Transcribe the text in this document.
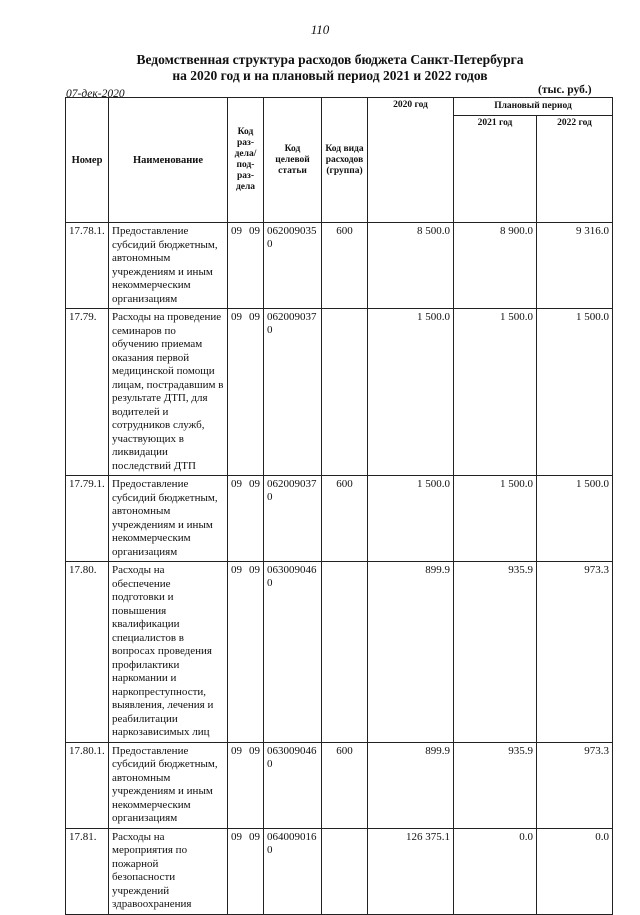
110
Ведомственная структура расходов бюджета Санкт-Петербурга
на 2020 год и на плановый период 2021 и 2022 годов
07-дек-2020	(тыс. руб.)
Номер	Наименование	Код раз- дела/ под- раз- дела	Код целевой статьи	Код вида расходов (группа)	2020 год	Плановый период	
						2021 год	2022 год
17.78.1.	Предоставление субсидий бюджетным, автономным учреждениям и иным некоммерческим организациям	09 09	0620090350	600	8 500.0	8 900.0	9 316.0
17.79.	Расходы на проведение семинаров по обучению приемам оказания первой медицинской помощи лицам, пострадавшим в результате ДТП, для водителей и сотрудников служб, участвующих в ликвидации последствий ДТП	09 09	0620090370		1 500.0	1 500.0	1 500.0
17.79.1.	Предоставление субсидий бюджетным, автономным учреждениям и иным некоммерческим организациям	09 09	0620090370	600	1 500.0	1 500.0	1 500.0
17.80.	Расходы на обеспечение подготовки и повышения квалификации специалистов в вопросах проведения профилактики наркомании и наркопреступности, выявления, лечения и реабилитации наркозависимых лиц	09 09	0630090460		899.9	935.9	973.3
17.80.1.	Предоставление субсидий бюджетным, автономным учреждениям и иным некоммерческим организациям	09 09	0630090460	600	899.9	935.9	973.3
17.81.	Расходы на мероприятия по пожарной безопасности учреждений здравоохранения	09 09	0640090160		126 375.1	0.0	0.0
